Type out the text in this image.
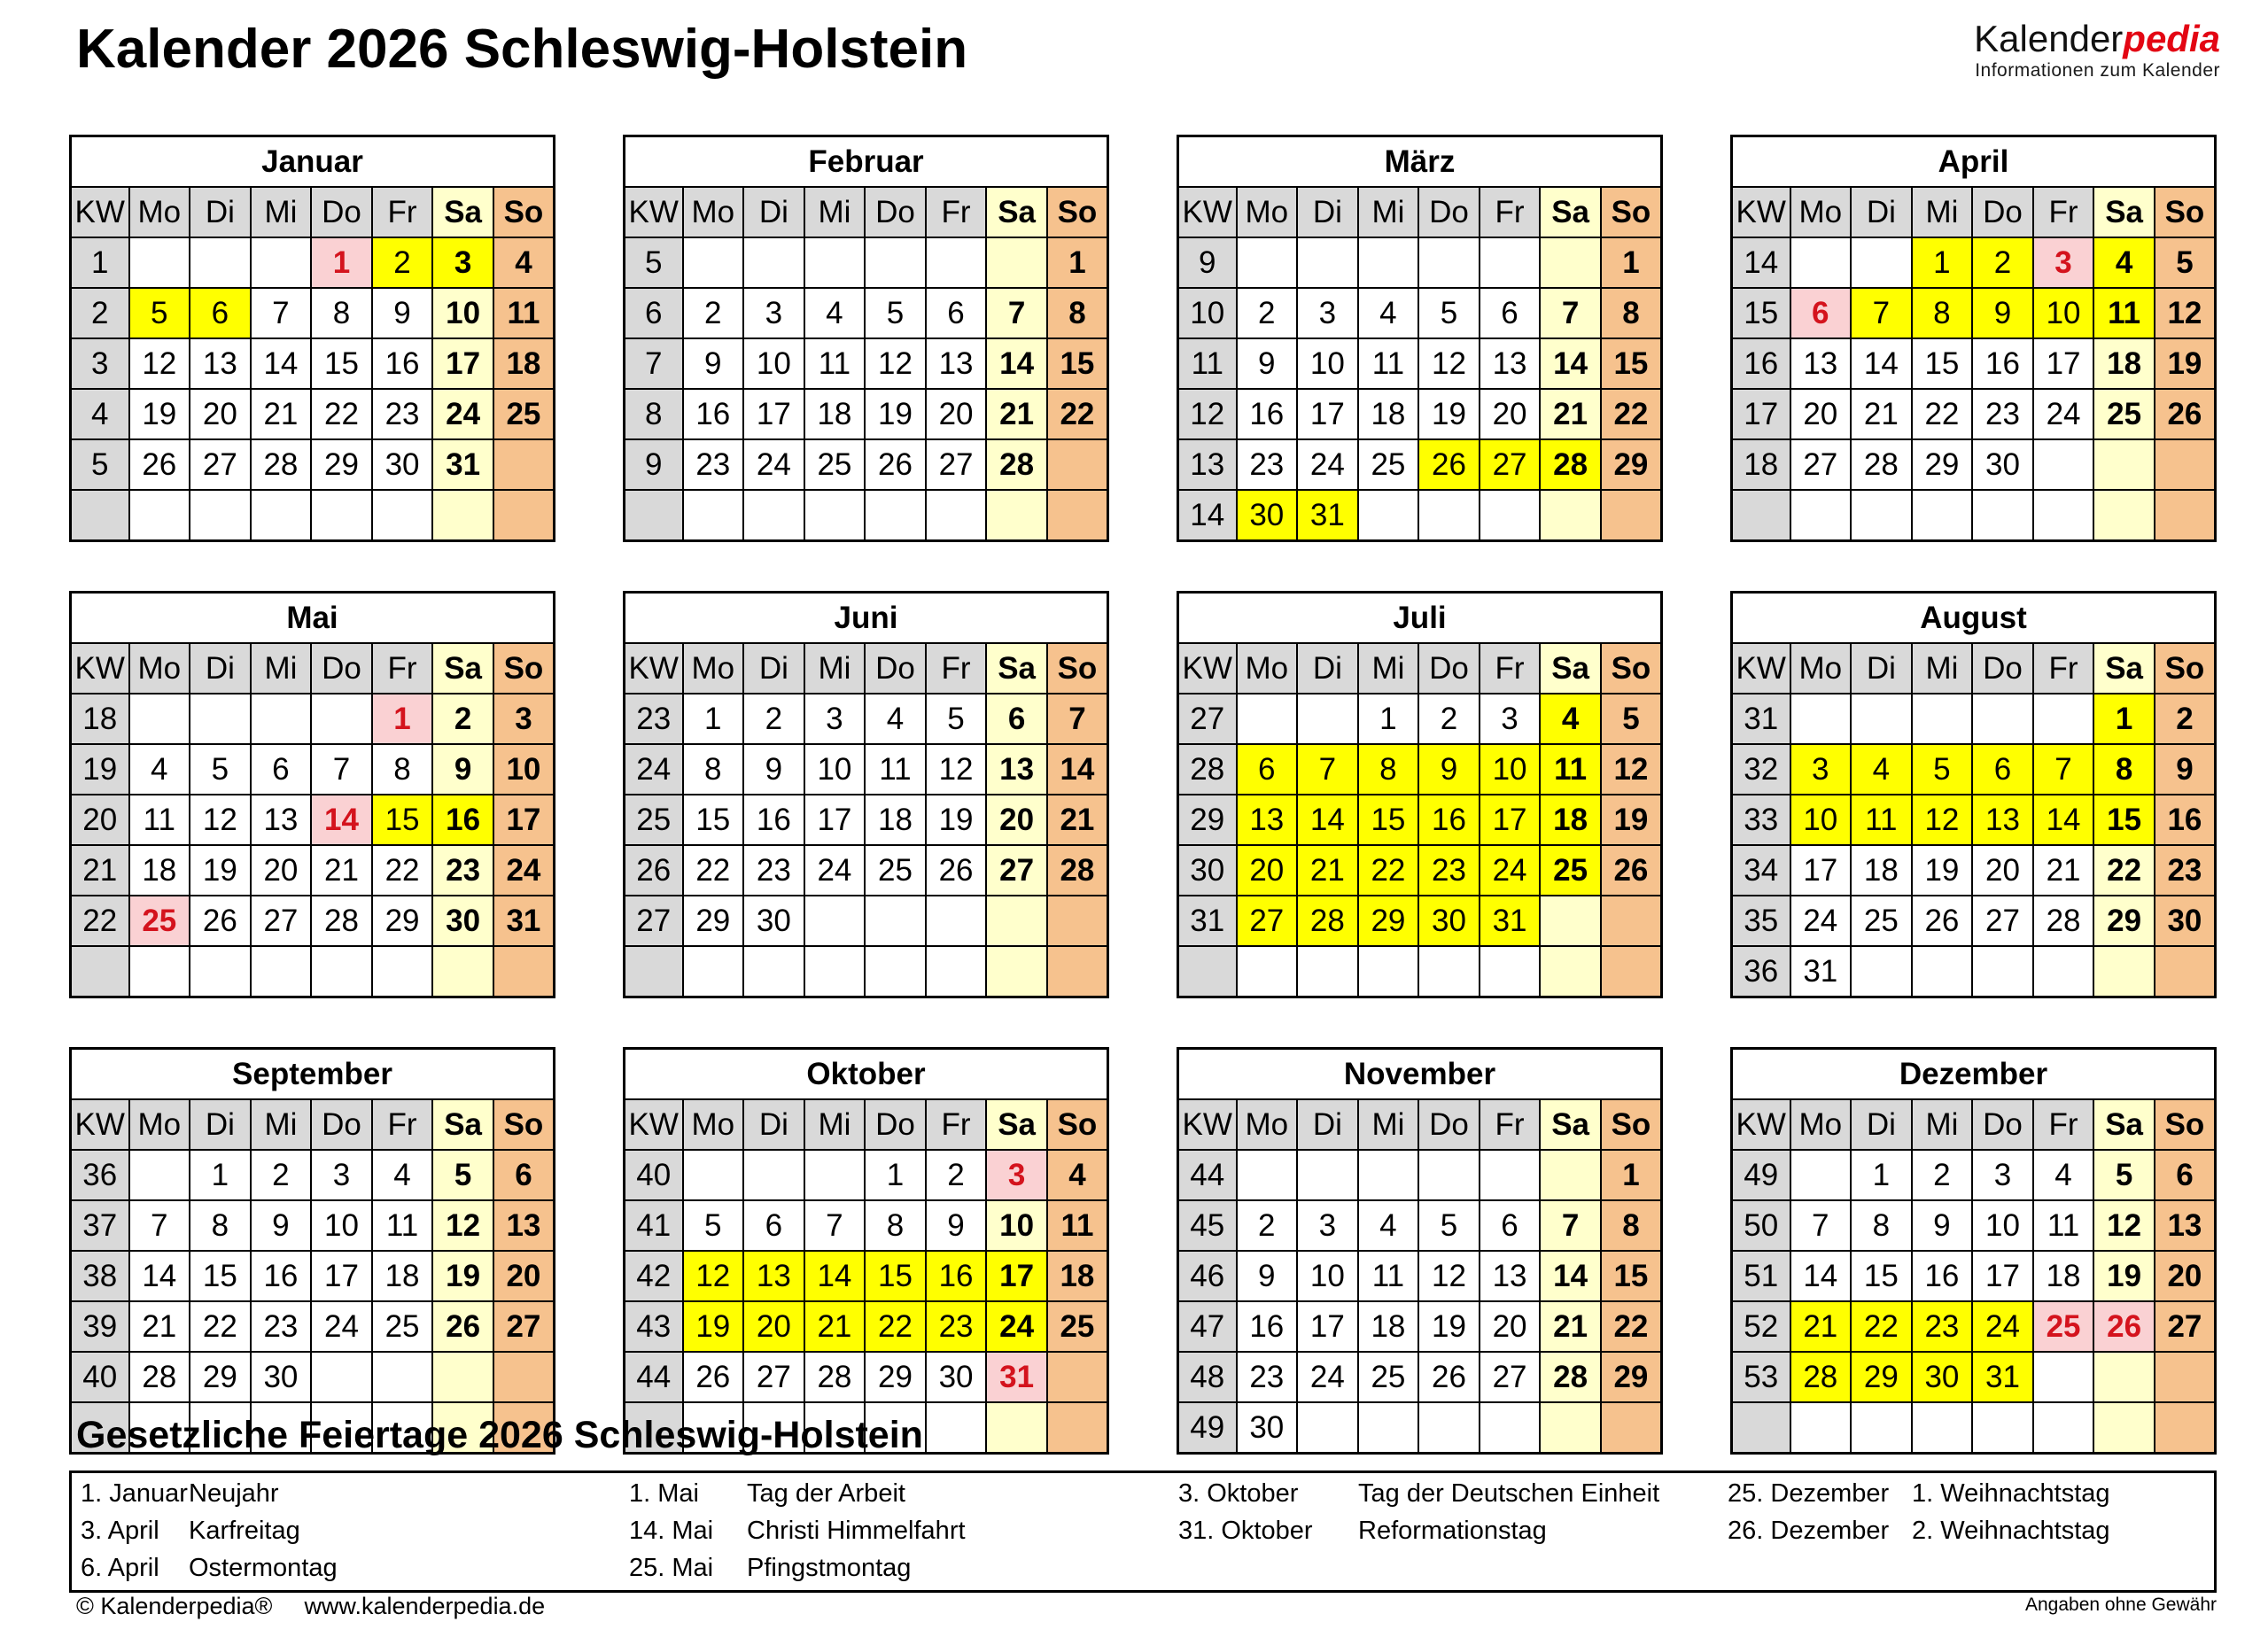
Kalender 2026 Schleswig-Holstein	Kalenderpedia
Informationen zum Kalender
Januar							
KW	Mo	Di	Mi	Do	Fr	Sa	So
1				1	2	3	4
2	5	6	7	8	9	10	11
3	12	13	14	15	16	17	18
4	19	20	21	22	23	24	25
5	26	27	28	29	30	31	

Februar							
KW	Mo	Di	Mi	Do	Fr	Sa	So
5							1
6	2	3	4	5	6	7	8
7	9	10	11	12	13	14	15
8	16	17	18	19	20	21	22
9	23	24	25	26	27	28	

März							
KW	Mo	Di	Mi	Do	Fr	Sa	So
9							1
10	2	3	4	5	6	7	8
11	9	10	11	12	13	14	15
12	16	17	18	19	20	21	22
13	23	24	25	26	27	28	29
14	30	31					
April							
KW	Mo	Di	Mi	Do	Fr	Sa	So
14			1	2	3	4	5
15	6	7	8	9	10	11	12
16	13	14	15	16	17	18	19
17	20	21	22	23	24	25	26
18	27	28	29	30			

Mai							
KW	Mo	Di	Mi	Do	Fr	Sa	So
18					1	2	3
19	4	5	6	7	8	9	10
20	11	12	13	14	15	16	17
21	18	19	20	21	22	23	24
22	25	26	27	28	29	30	31

Juni							
KW	Mo	Di	Mi	Do	Fr	Sa	So
23	1	2	3	4	5	6	7
24	8	9	10	11	12	13	14
25	15	16	17	18	19	20	21
26	22	23	24	25	26	27	28
27	29	30					

Juli							
KW	Mo	Di	Mi	Do	Fr	Sa	So
27			1	2	3	4	5
28	6	7	8	9	10	11	12
29	13	14	15	16	17	18	19
30	20	21	22	23	24	25	26
31	27	28	29	30	31		

August							
KW	Mo	Di	Mi	Do	Fr	Sa	So
31						1	2
32	3	4	5	6	7	8	9
33	10	11	12	13	14	15	16
34	17	18	19	20	21	22	23
35	24	25	26	27	28	29	30
36	31						
September							
KW	Mo	Di	Mi	Do	Fr	Sa	So
36		1	2	3	4	5	6
37	7	8	9	10	11	12	13
38	14	15	16	17	18	19	20
39	21	22	23	24	25	26	27
40	28	29	30				

Oktober							
KW	Mo	Di	Mi	Do	Fr	Sa	So
40				1	2	3	4
41	5	6	7	8	9	10	11
42	12	13	14	15	16	17	18
43	19	20	21	22	23	24	25
44	26	27	28	29	30	31	

November							
KW	Mo	Di	Mi	Do	Fr	Sa	So
44							1
45	2	3	4	5	6	7	8
46	9	10	11	12	13	14	15
47	16	17	18	19	20	21	22
48	23	24	25	26	27	28	29
49	30						
Dezember							
KW	Mo	Di	Mi	Do	Fr	Sa	So
49		1	2	3	4	5	6
50	7	8	9	10	11	12	13
51	14	15	16	17	18	19	20
52	21	22	23	24	25	26	27
53	28	29	30	31			

Gesetzliche Feiertage 2026 Schleswig-Holstein
1. Januar Neujahr
3. April	Karfreitag
6. April	Ostermontag
1. Mai	Tag der Arbeit
14. Mai	Christi Himmelfahrt
25. Mai	Pfingstmontag
3. Oktober	Tag der Deutschen Einheit
31. Oktober	Reformationstag
25. Dezember 1. Weihnachtstag
26. Dezember 2. Weihnachtstag
© Kalenderpedia® www.kalenderpedia.de	Angaben ohne Gewähr
